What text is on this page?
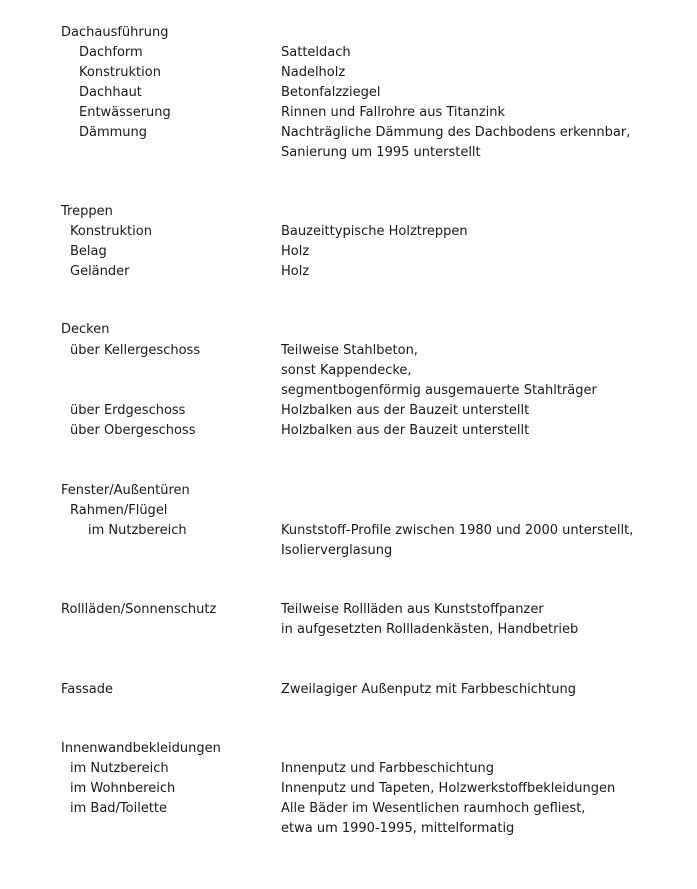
Dachausführung
Dachform	Satteldach
Konstruktion	Nadelholz
Dachhaut	Betonfalzziegel
Entwässerung	Rinnen und Fallrohre aus Titanzink
Dämmung	Nachträgliche Dämmung des Dachbodens erkennbar,
Sanierung um 1995 unterstellt
Treppen
Konstruktion	Bauzeittypische Holztreppen
Belag	Holz
Geländer	Holz
Decken
über Kellergeschoss	Teilweise Stahlbeton,
sonst Kappendecke,
segmentbogenförmig ausgemauerte Stahlträger
über Erdgeschoss	Holzbalken aus der Bauzeit unterstellt
über Obergeschoss	Holzbalken aus der Bauzeit unterstellt
Fenster/Außentüren
Rahmen/Flügel
im Nutzbereich	Kunststoff-Profile zwischen 1980 und 2000 unterstellt,
Isolierverglasung
Rollläden/Sonnenschutz	Teilweise Rollläden aus Kunststoffpanzer
in aufgesetzten Rollladenkästen, Handbetrieb
Fassade	Zweilagiger Außenputz mit Farbbeschichtung
Innenwandbekleidungen
im Nutzbereich	Innenputz und Farbbeschichtung
im Wohnbereich	Innenputz und Tapeten, Holzwerkstoffbekleidungen
im Bad/Toilette	Alle Bäder im Wesentlichen raumhoch gefliest,
etwa um 1990-1995, mittelformatig
